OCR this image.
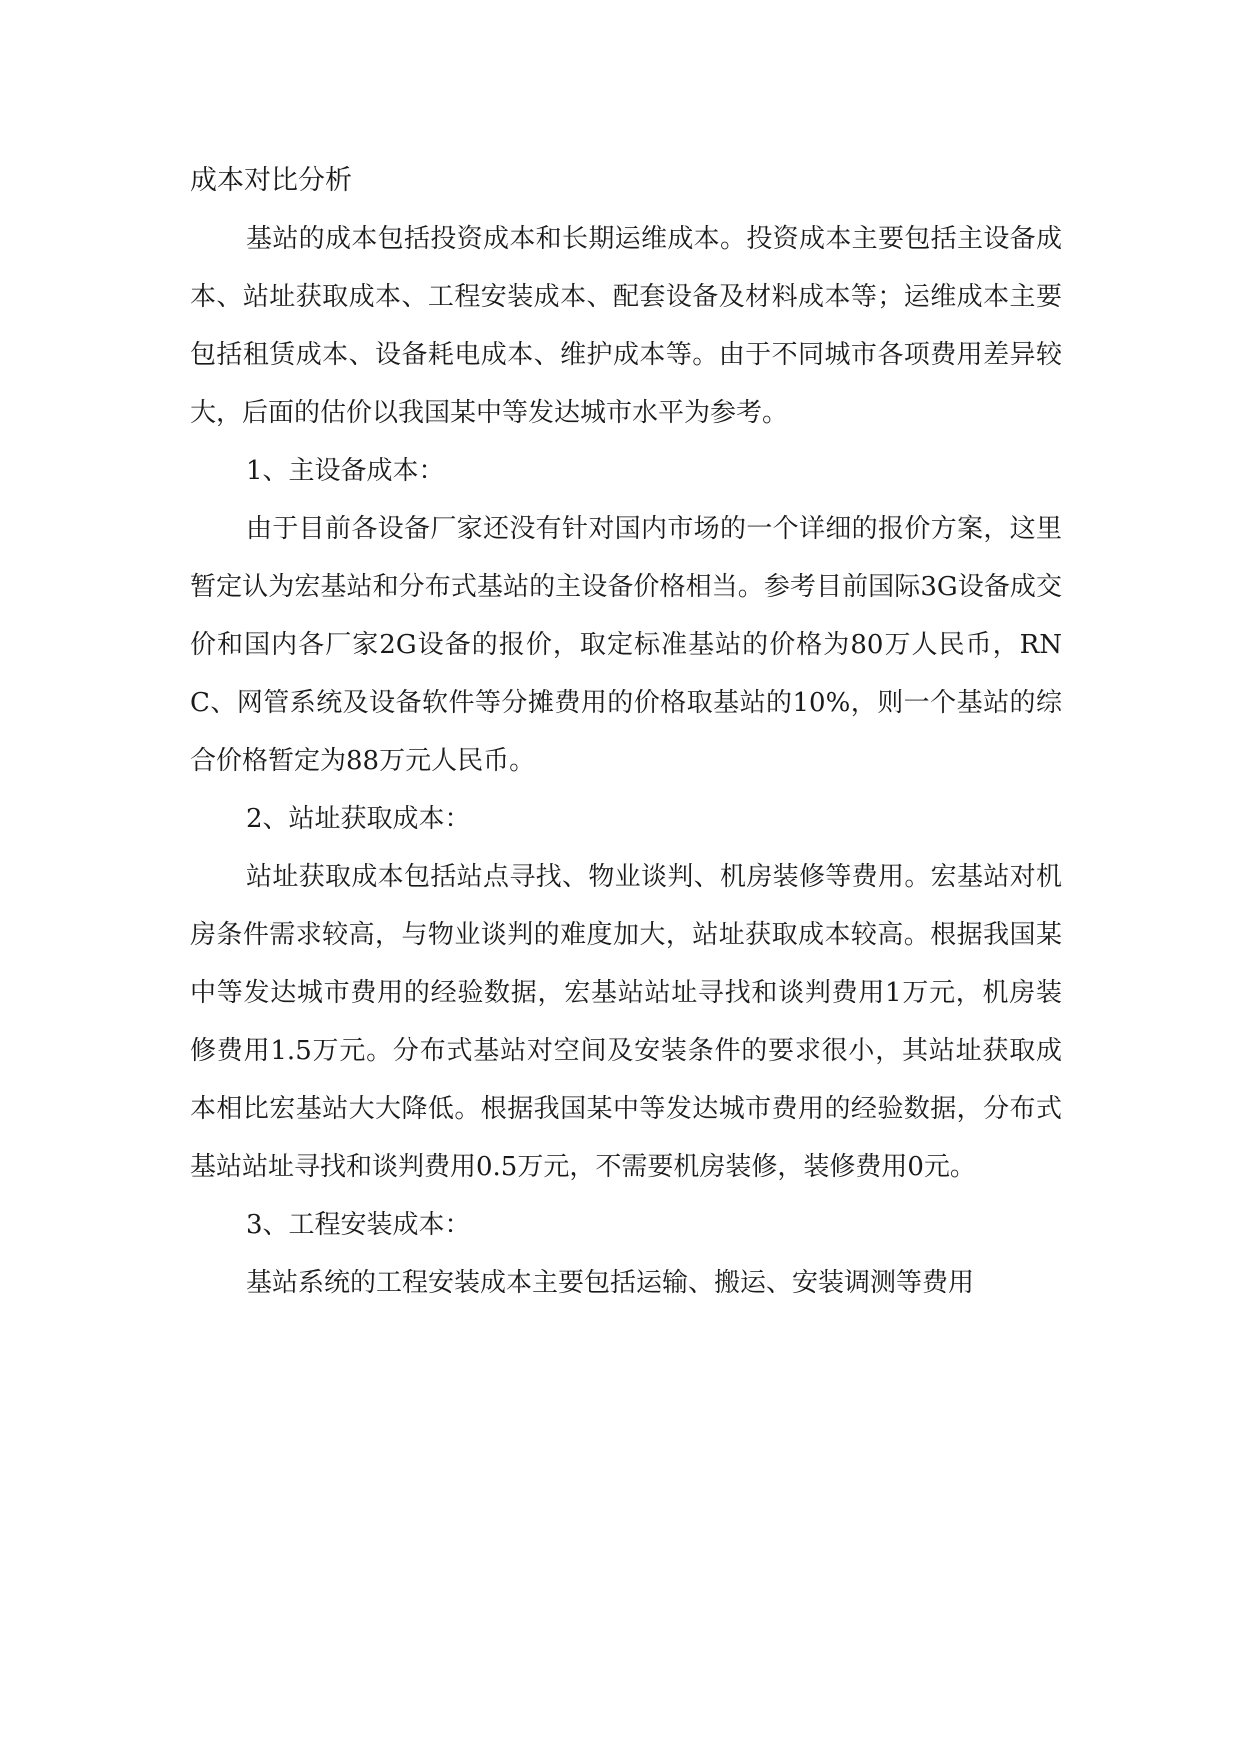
成本对比分析

基站的成本包括投资成本和长期运维成本。投资成本主要包括主设备成本、站址获取成本、工程安装成本、配套设备及材料成本等；运维成本主要包括租赁成本、设备耗电成本、维护成本等。由于不同城市各项费用差异较大，后面的估价以我国某中等发达城市水平为参考。

1、主设备成本：

由于目前各设备厂家还没有针对国内市场的一个详细的报价方案，这里暂定认为宏基站和分布式基站的主设备价格相当。参考目前国际3G设备成交价和国内各厂家2G设备的报价，取定标准基站的价格为80万人民币，RNC、网管系统及设备软件等分摊费用的价格取基站的10%，则一个基站的综合价格暂定为88万元人民币。

2、站址获取成本：

站址获取成本包括站点寻找、物业谈判、机房装修等费用。宏基站对机房条件需求较高，与物业谈判的难度加大，站址获取成本较高。根据我国某中等发达城市费用的经验数据，宏基站站址寻找和谈判费用1万元，机房装修费用1.5万元。分布式基站对空间及安装条件的要求很小，其站址获取成本相比宏基站大大降低。根据我国某中等发达城市费用的经验数据，分布式基站站址寻找和谈判费用0.5万元，不需要机房装修，装修费用0元。

3、工程安装成本：

基站系统的工程安装成本主要包括运输、搬运、安装调测等费用
